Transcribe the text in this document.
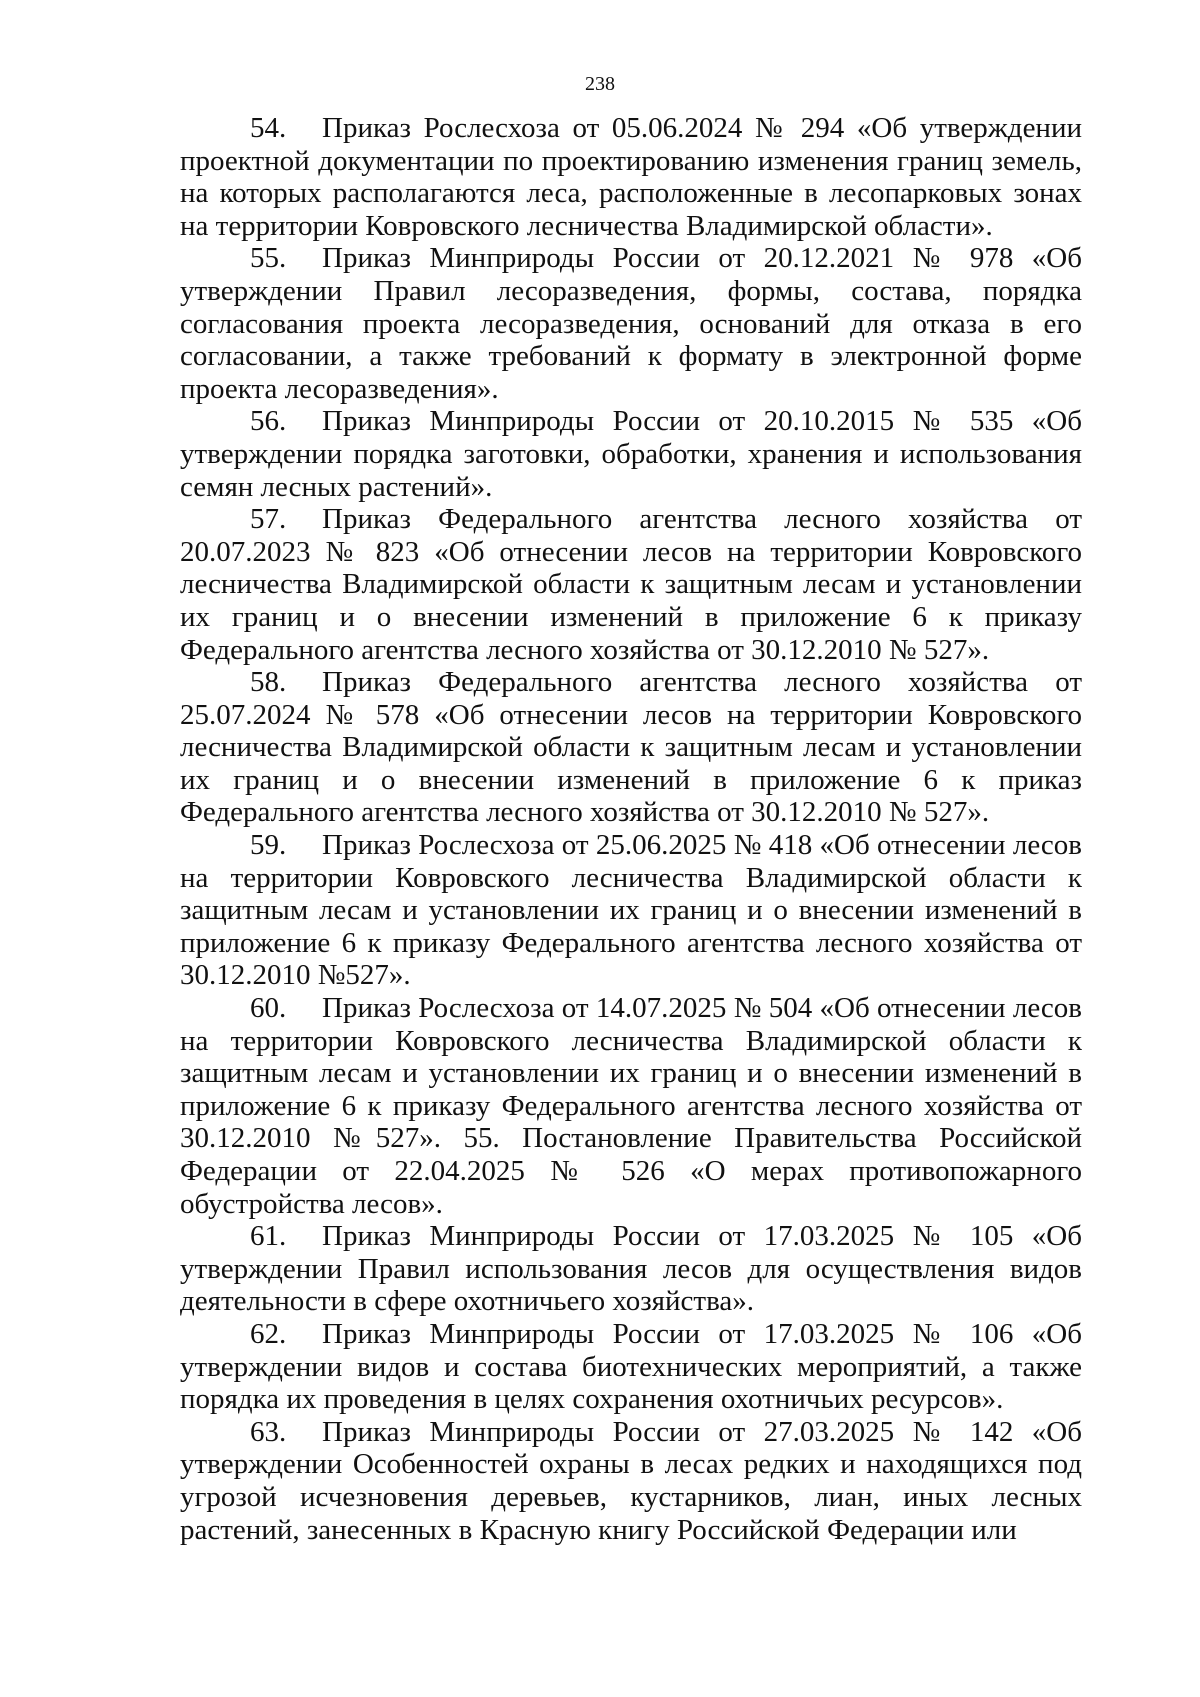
238

54. Приказ Рослесхоза от 05.06.2024 № 294 «Об утверждении проектной документации по проектированию изменения границ земель, на которых располагаются леса, расположенные в лесопарковых зонах на территории Ковровского лесничества Владимирской области».

55. Приказ Минприроды России от 20.12.2021 № 978 «Об утверждении Правил лесоразведения, формы, состава, порядка согласования проекта лесоразведения, оснований для отказа в его согласовании, а также требований к формату в электронной форме проекта лесоразведения».

56. Приказ Минприроды России от 20.10.2015 № 535 «Об утверждении порядка заготовки, обработки, хранения и использования семян лесных растений».

57. Приказ Федерального агентства лесного хозяйства от 20.07.2023 № 823 «Об отнесении лесов на территории Ковровского лесничества Владимирской области к защитным лесам и установлении их границ и о внесении изменений в приложение 6 к приказу Федерального агентства лесного хозяйства от 30.12.2010 № 527».

58. Приказ Федерального агентства лесного хозяйства от 25.07.2024 № 578 «Об отнесении лесов на территории Ковровского лесничества Владимирской области к защитным лесам и установлении их границ и о внесении изменений в приложение 6 к приказ Федерального агентства лесного хозяйства от 30.12.2010 № 527».

59. Приказ Рослесхоза от 25.06.2025 № 418 «Об отнесении лесов на территории Ковровского лесничества Владимирской области к защитным лесам и установлении их границ и о внесении изменений в приложение 6 к приказу Федерального агентства лесного хозяйства от 30.12.2010 №527».

60. Приказ Рослесхоза от 14.07.2025 № 504 «Об отнесении лесов на территории Ковровского лесничества Владимирской области к защитным лесам и установлении их границ и о внесении изменений в приложение 6 к приказу Федерального агентства лесного хозяйства от 30.12.2010 №527». 55. Постановление Правительства Российской Федерации от 22.04.2025 № 526 «О мерах противопожарного обустройства лесов».

61. Приказ Минприроды России от 17.03.2025 № 105 «Об утверждении Правил использования лесов для осуществления видов деятельности в сфере охотничьего хозяйства».

62. Приказ Минприроды России от 17.03.2025 № 106 «Об утверждении видов и состава биотехнических мероприятий, а также порядка их проведения в целях сохранения охотничьих ресурсов».

63. Приказ Минприроды России от 27.03.2025 № 142 «Об утверждении Особенностей охраны в лесах редких и находящихся под угрозой исчезновения деревьев, кустарников, лиан, иных лесных растений, занесенных в Красную книгу Российской Федерации или
